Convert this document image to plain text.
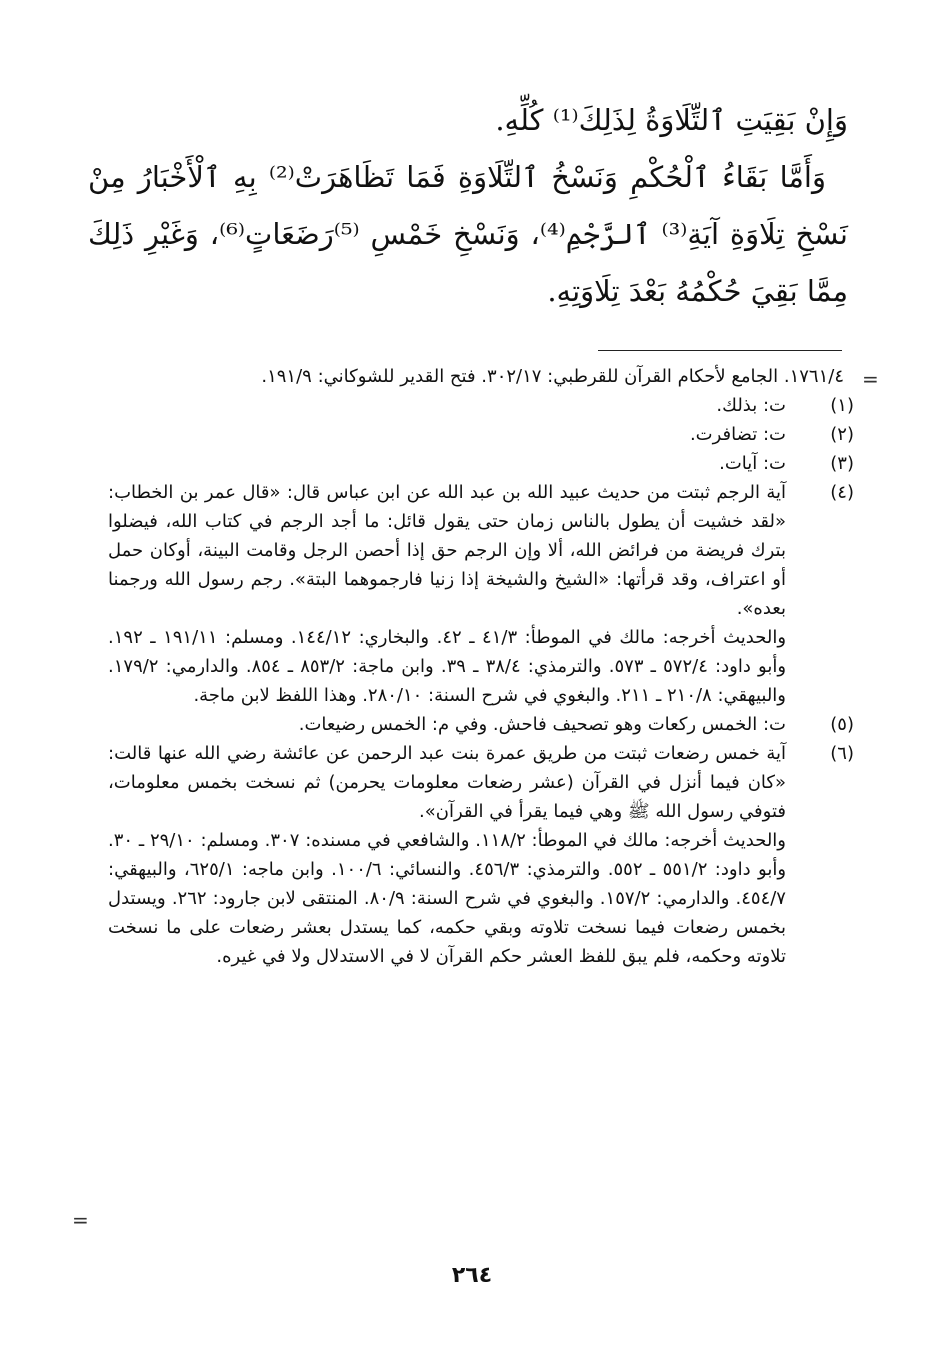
وَإِنْ بَقِيَتِ ٱلتِّلَاوَةُ لِذَلِكَ⁽¹⁾ كُلِّهِ.

وَأَمَّا بَقَاءُ ٱلْحُكْمِ وَنَسْخُ ٱلتِّلَاوَةِ فَمَا تَظَاهَرَتْ⁽²⁾ بِهِ ٱلْأَخْبَارُ مِنْ نَسْخِ تِلَاوَةِ آيَةِ⁽³⁾ ٱلرَّجْمِ⁽⁴⁾، وَنَسْخِ خَمْسِ ⁽⁵⁾رَضَعَاتٍ⁽⁶⁾، وَغَيْرِ ذَلِكَ مِمَّا بَقِيَ حُكْمُهُ بَعْدَ تِلَاوَتِهِ.

=
=

١٧٦١/٤. الجامع لأحكام القرآن للقرطبي: ٣٠٢/١٧. فتح القدير للشوكاني: ١٩١/٩.

(١)

ت: بذلك.

(٢)

ت: تضافرت.

(٣)

ت: آيات.

(٤)

آية الرجم ثبتت من حديث عبيد الله بن عبد الله عن ابن عباس قال: «قال عمر بن الخطاب: «لقد خشيت أن يطول بالناس زمان حتى يقول قائل: ما أجد الرجم في كتاب الله، فيضلوا بترك فريضة من فرائض الله، ألا وإن الرجم حق إذا أحصن الرجل وقامت البينة، أوكان حمل أو اعتراف، وقد قرأتها: «الشيخ والشيخة إذا زنيا فارجموهما البتة». رجم رسول الله ورجمنا بعده».

والحديث أخرجه: مالك في الموطأ: ٤١/٣ ـ ٤٢. والبخاري: ١٤٤/١٢. ومسلم: ١٩١/١١ ـ ١٩٢. وأبو داود: ٥٧٢/٤ ـ ٥٧٣. والترمذي: ٣٨/٤ ـ ٣٩. وابن ماجة: ٨٥٣/٢ ـ ٨٥٤. والدارمي: ١٧٩/٢. والبيهقي: ٢١٠/٨ ـ ٢١١. والبغوي في شرح السنة: ٢٨٠/١٠. وهذا اللفظ لابن ماجة.

(٥)

ت: الخمس ركعات وهو تصحيف فاحش. وفي م: الخمس رضيعات.

(٦)

آية خمس رضعات ثبتت من طريق عمرة بنت عبد الرحمن عن عائشة رضي الله عنها قالت: «كان فيما أنزل في القرآن (عشر رضعات معلومات يحرمن) ثم نسخت بخمس معلومات، فتوفي رسول الله ﷺ وهي فيما يقرأ في القرآن».

والحديث أخرجه: مالك في الموطأ: ١١٨/٢. والشافعي في مسنده: ٣٠٧. ومسلم: ٢٩/١٠ ـ ٣٠. وأبو داود: ٥٥١/٢ ـ ٥٥٢. والترمذي: ٤٥٦/٣. والنسائي: ١٠٠/٦. وابن ماجه: ٦٢٥/١، والبيهقي: ٤٥٤/٧. والدارمي: ١٥٧/٢. والبغوي في شرح السنة: ٨٠/٩. المنتقى لابن جارود: ٢٦٢. ويستدل بخمس رضعات فيما نسخت تلاوته وبقي حكمه، كما يستدل بعشر رضعات على ما نسخت تلاوته وحكمه، فلم يبق للفظ العشر حكم القرآن لا في الاستدلال ولا في غيره.

٢٦٤
